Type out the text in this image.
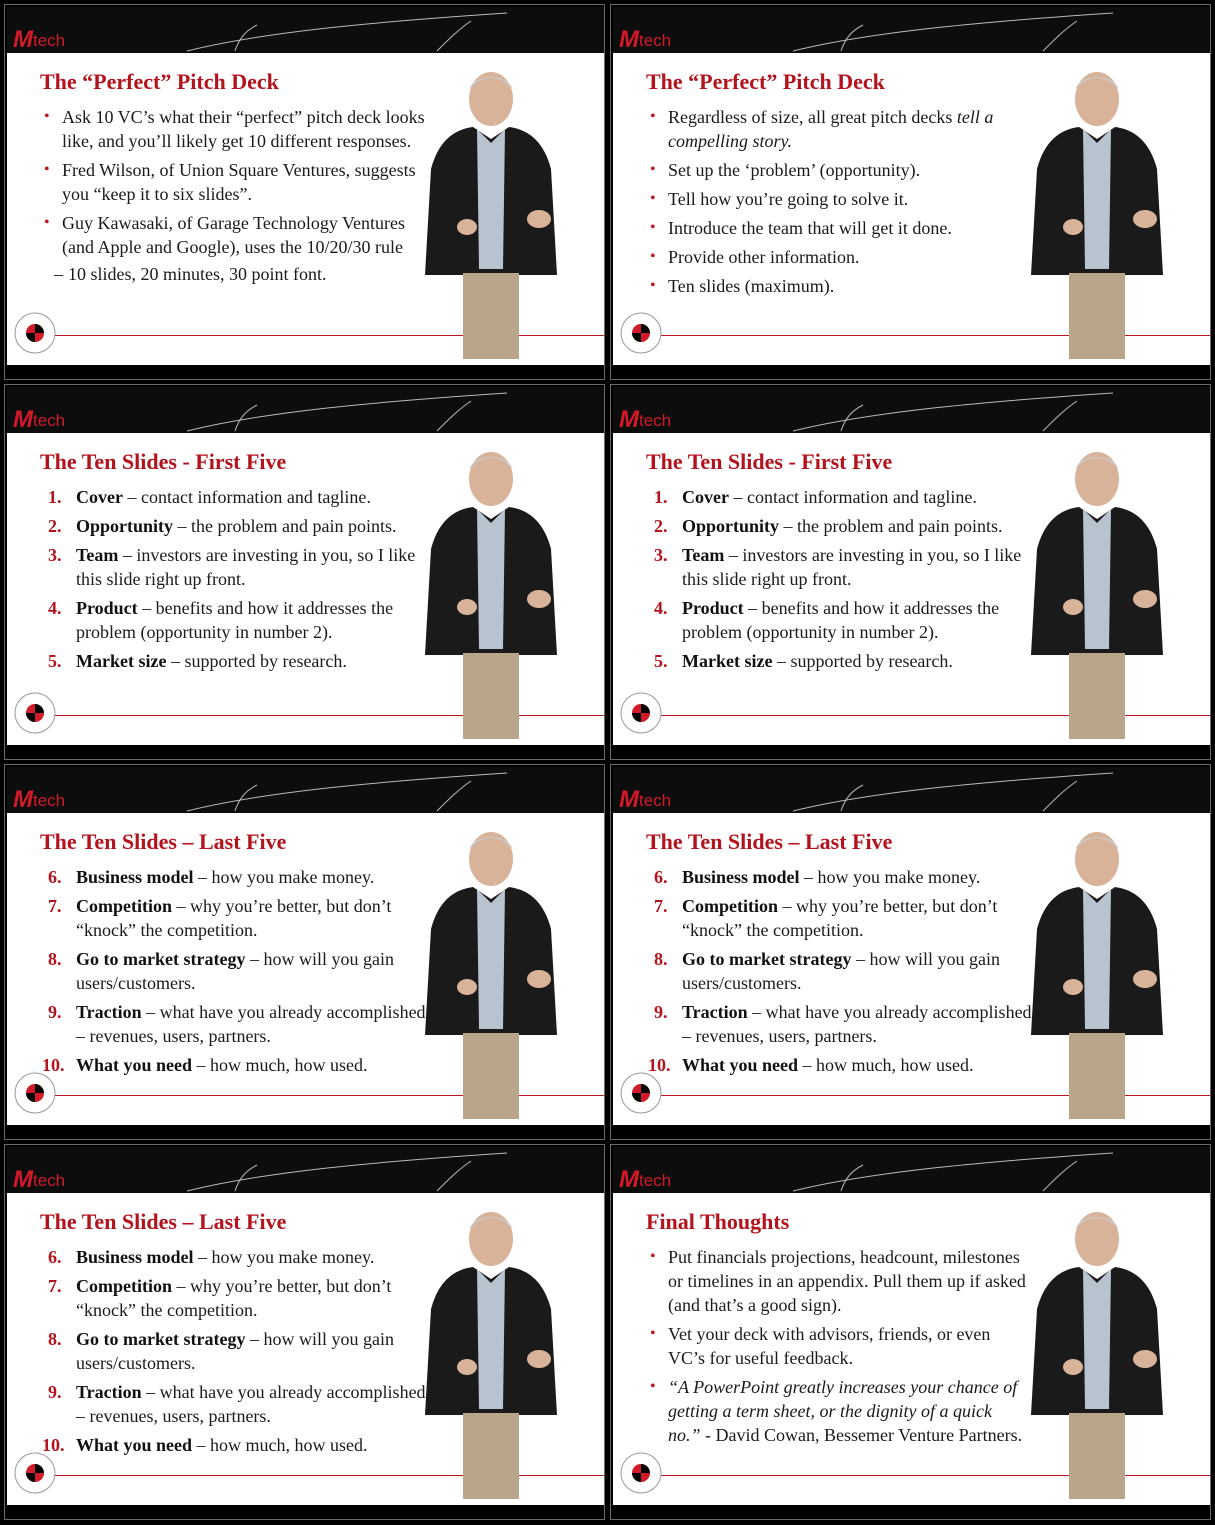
Mtech
The “Perfect” Pitch Deck
• Ask 10 VC’s what their “perfect” pitch deck looks like, and you’ll likely get 10 different responses.
• Fred Wilson, of Union Square Ventures, suggests you “keep it to six slides”.
• Guy Kawasaki, of Garage Technology Ventures (and Apple and Google), uses the 10/20/30 rule
– 10 slides, 20 minutes, 30 point font.
Mtech
The “Perfect” Pitch Deck
• Regardless of size, all great pitch decks tell a compelling story.
• Set up the ‘problem’ (opportunity).
• Tell how you’re going to solve it.
• Introduce the team that will get it done.
• Provide other information.
• Ten slides (maximum).
Mtech
The Ten Slides - First Five
1. Cover – contact information and tagline.
2. Opportunity – the problem and pain points.
3. Team – investors are investing in you, so I like this slide right up front.
4. Product – benefits and how it addresses the problem (opportunity in number 2).
5. Market size – supported by research.
Mtech
The Ten Slides - First Five
1. Cover – contact information and tagline.
2. Opportunity – the problem and pain points.
3. Team – investors are investing in you, so I like this slide right up front.
4. Product – benefits and how it addresses the problem (opportunity in number 2).
5. Market size – supported by research.
Mtech
The Ten Slides – Last Five
6. Business model – how you make money.
7. Competition – why you’re better, but don’t “knock” the competition.
8. Go to market strategy – how will you gain users/customers.
9. Traction – what have you already accomplished – revenues, users, partners.
10. What you need – how much, how used.
Mtech
The Ten Slides – Last Five
6. Business model – how you make money.
7. Competition – why you’re better, but don’t “knock” the competition.
8. Go to market strategy – how will you gain users/customers.
9. Traction – what have you already accomplished – revenues, users, partners.
10. What you need – how much, how used.
Mtech
The Ten Slides – Last Five
6. Business model – how you make money.
7. Competition – why you’re better, but don’t “knock” the competition.
8. Go to market strategy – how will you gain users/customers.
9. Traction – what have you already accomplished – revenues, users, partners.
10. What you need – how much, how used.
Mtech
Final Thoughts
• Put financials projections, headcount, milestones or timelines in an appendix. Pull them up if asked (and that’s a good sign).
• Vet your deck with advisors, friends, or even VC’s for useful feedback.
• “A PowerPoint greatly increases your chance of getting a term sheet, or the dignity of a quick no.” - David Cowan, Bessemer Venture Partners.
